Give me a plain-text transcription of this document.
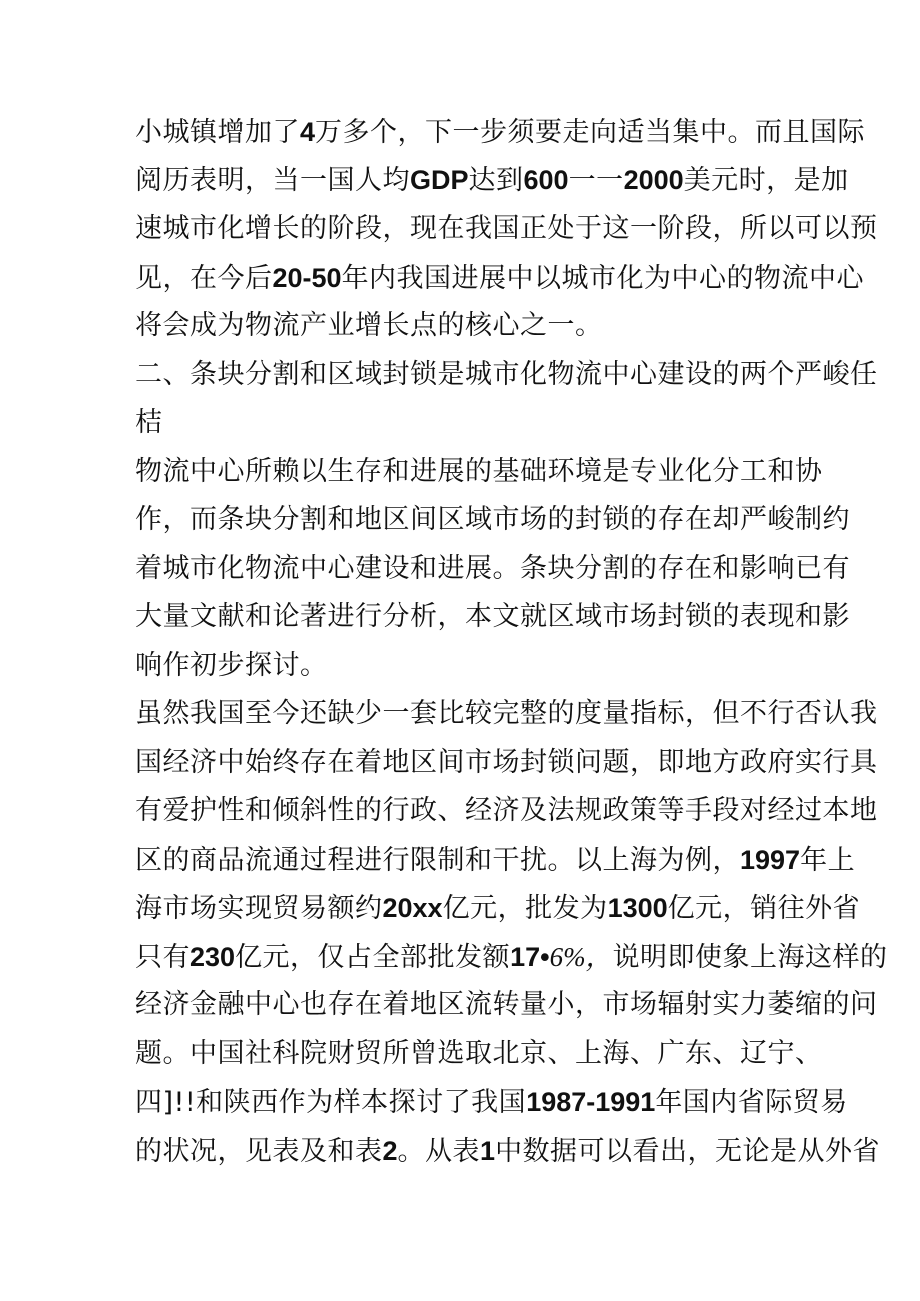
小城镇增加了4万多个，下一步须要走向适当集中。而且国际
阅历表明，当一国人均GDP达到600一一2000美元时，是加
速城市化增长的阶段，现在我国正处于这一阶段，所以可以预
见，在今后20-50年内我国进展中以城市化为中心的物流中心
将会成为物流产业增长点的核心之一。
二、条块分割和区域封锁是城市化物流中心建设的两个严峻任
桔
物流中心所赖以生存和进展的基础环境是专业化分工和协
作，而条块分割和地区间区域市场的封锁的存在却严峻制约
着城市化物流中心建设和进展。条块分割的存在和影响已有
大量文献和论著进行分析，本文就区域市场封锁的表现和影
响作初步探讨。
虽然我国至今还缺少一套比较完整的度量指标，但不行否认我
国经济中始终存在着地区间市场封锁问题，即地方政府实行具
有爱护性和倾斜性的行政、经济及法规政策等手段对经过本地
区的商品流通过程进行限制和干扰。以上海为例，1997年上
海市场实现贸易额约20xx亿元，批发为1300亿元，销往外省
只有230亿元，仅占全部批发额17•6%，说明即使象上海这样的
经济金融中心也存在着地区流转量小，市场辐射实力萎缩的问
题。中国社科院财贸所曾选取北京、上海、广东、辽宁、
四]!!和陕西作为样本探讨了我国1987-1991年国内省际贸易
的状况，见表及和表2。从表1中数据可以看出，无论是从外省
